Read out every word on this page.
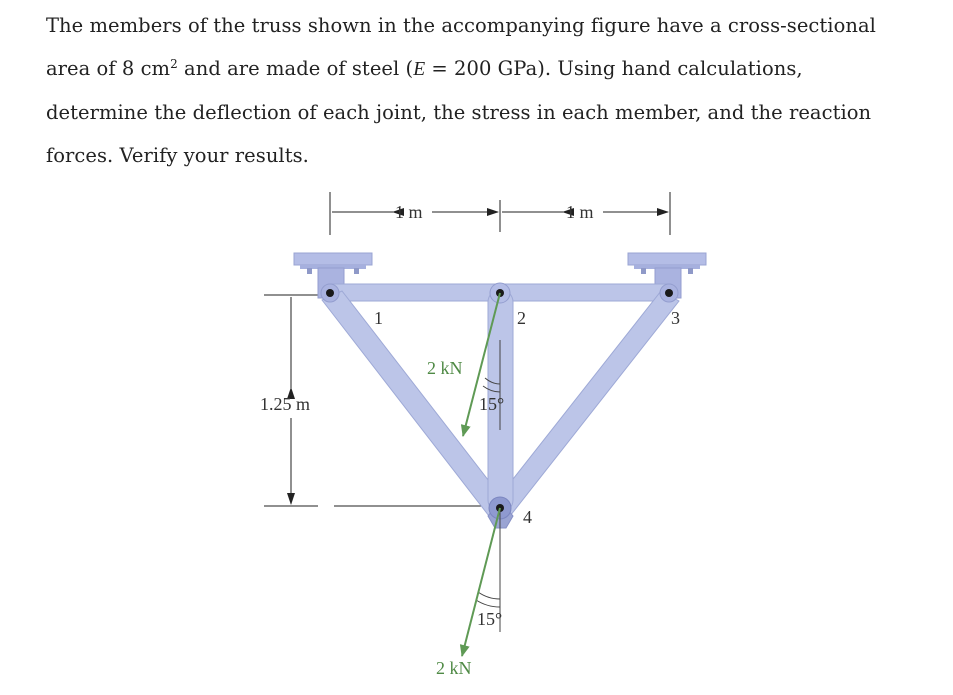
The members of the truss shown in the accompanying figure have a cross-sectional

area of 8 $cm^2$ and are made of steel (E = 200 GPa). Using hand calculations,

determine the deflection of each joint, the stress in each member, and the reaction

forces. Verify your results.

1 m	1 m
1.25 m
1	2	3
4
2 kN
15°
15°
2 kN
